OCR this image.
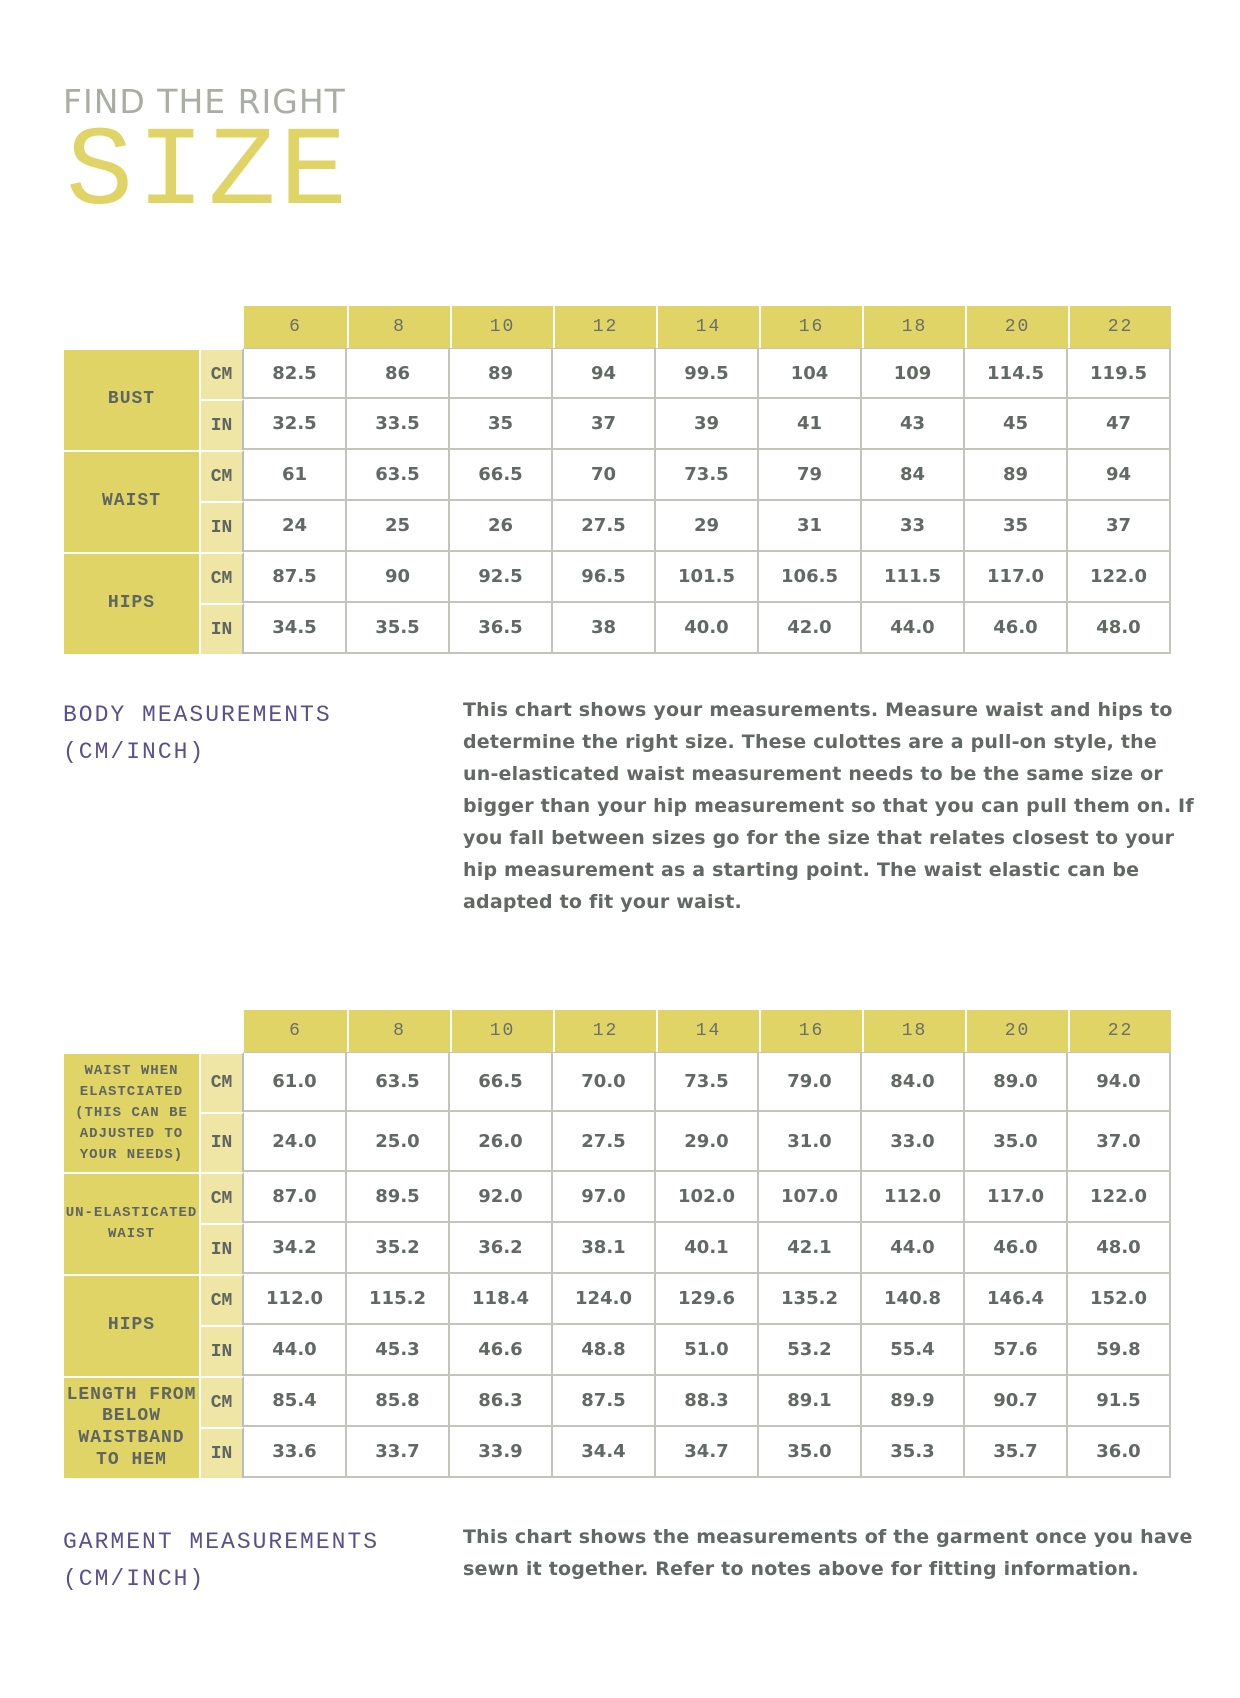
FIND THE RIGHT
SIZE
		6	8	10	12	14	16	18	20	22
BUST	CM	82.5	86	89	94	99.5	104	109	114.5	119.5
	IN	32.5	33.5	35	37	39	41	43	45	47
WAIST	CM	61	63.5	66.5	70	73.5	79	84	89	94
	IN	24	25	26	27.5	29	31	33	35	37
HIPS	CM	87.5	90	92.5	96.5	101.5	106.5	111.5	117.0	122.0
	IN	34.5	35.5	36.5	38	40.0	42.0	44.0	46.0	48.0
BODY MEASUREMENTS
(CM/INCH)
This chart shows your measurements. Measure waist and hips to determine the right size. These culottes are a pull-on style, the un-elasticated waist measurement needs to be the same size or bigger than your hip measurement so that you can pull them on. If you fall between sizes go for the size that relates closest to your hip measurement as a starting point. The waist elastic can be adapted to fit your waist.
		6	8	10	12	14	16	18	20	22
WAIST WHEN ELASTCIATED (THIS CAN BE ADJUSTED TO YOUR NEEDS)	CM	61.0	63.5	66.5	70.0	73.5	79.0	84.0	89.0	94.0
	IN	24.0	25.0	26.0	27.5	29.0	31.0	33.0	35.0	37.0
UN-ELASTICATED WAIST	CM	87.0	89.5	92.0	97.0	102.0	107.0	112.0	117.0	122.0
	IN	34.2	35.2	36.2	38.1	40.1	42.1	44.0	46.0	48.0
HIPS	CM	112.0	115.2	118.4	124.0	129.6	135.2	140.8	146.4	152.0
	IN	44.0	45.3	46.6	48.8	51.0	53.2	55.4	57.6	59.8
LENGTH FROM BELOW WAISTBAND TO HEM	CM	85.4	85.8	86.3	87.5	88.3	89.1	89.9	90.7	91.5
	IN	33.6	33.7	33.9	34.4	34.7	35.0	35.3	35.7	36.0
GARMENT MEASUREMENTS
(CM/INCH)
This chart shows the measurements of the garment once you have sewn it together. Refer to notes above for fitting information.
